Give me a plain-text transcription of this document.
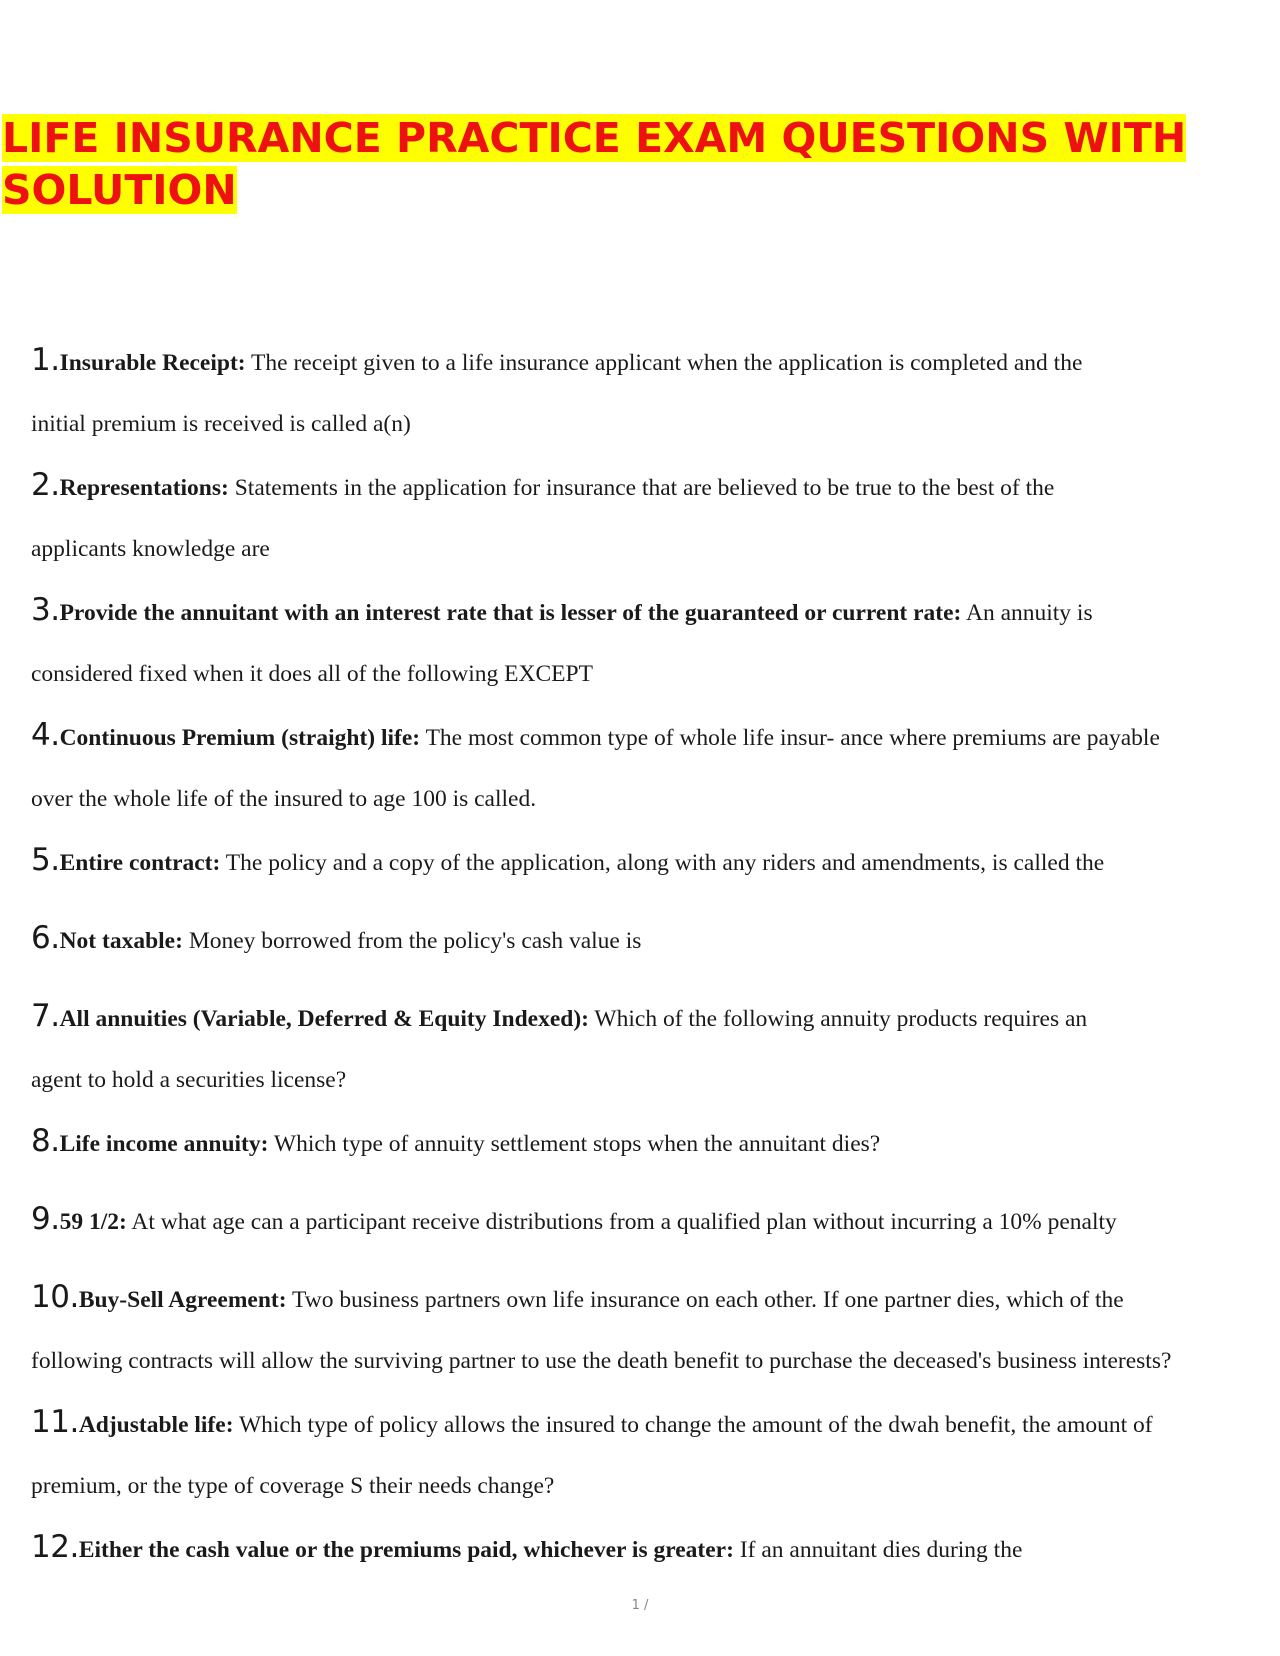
LIFE INSURANCE PRACTICE EXAM QUESTIONS WITH
SOLUTION

1.Insurable Receipt: The receipt given to a life insurance applicant when the application is completed and the
initial premium is received is called a(n)

2.Representations: Statements in the application for insurance that are believed to be true to the best of the
applicants knowledge are

3.Provide the annuitant with an interest rate that is lesser of the guaranteed or current rate: An annuity is
considered fixed when it does all of the following EXCEPT

4.Continuous Premium (straight) life: The most common type of whole life insur- ance where premiums are payable
over the whole life of the insured to age 100 is called.

5.Entire contract: The policy and a copy of the application, along with any riders and amendments, is called the

6.Not taxable: Money borrowed from the policy's cash value is

7.All annuities (Variable, Deferred & Equity Indexed): Which of the following annuity products requires an
agent to hold a securities license?

8.Life income annuity: Which type of annuity settlement stops when the annuitant dies?

9.59 1/2: At what age can a participant receive distributions from a qualified plan without incurring a 10% penalty

10.Buy-Sell Agreement: Two business partners own life insurance on each other. If one partner dies, which of the
following contracts will allow the surviving partner to use the death benefit to purchase the deceased's business interests?

11.Adjustable life: Which type of policy allows the insured to change the amount of the dwah benefit, the amount of
premium, or the type of coverage S their needs change?

12.Either the cash value or the premiums paid, whichever is greater: If an annuitant dies during the

1 /
